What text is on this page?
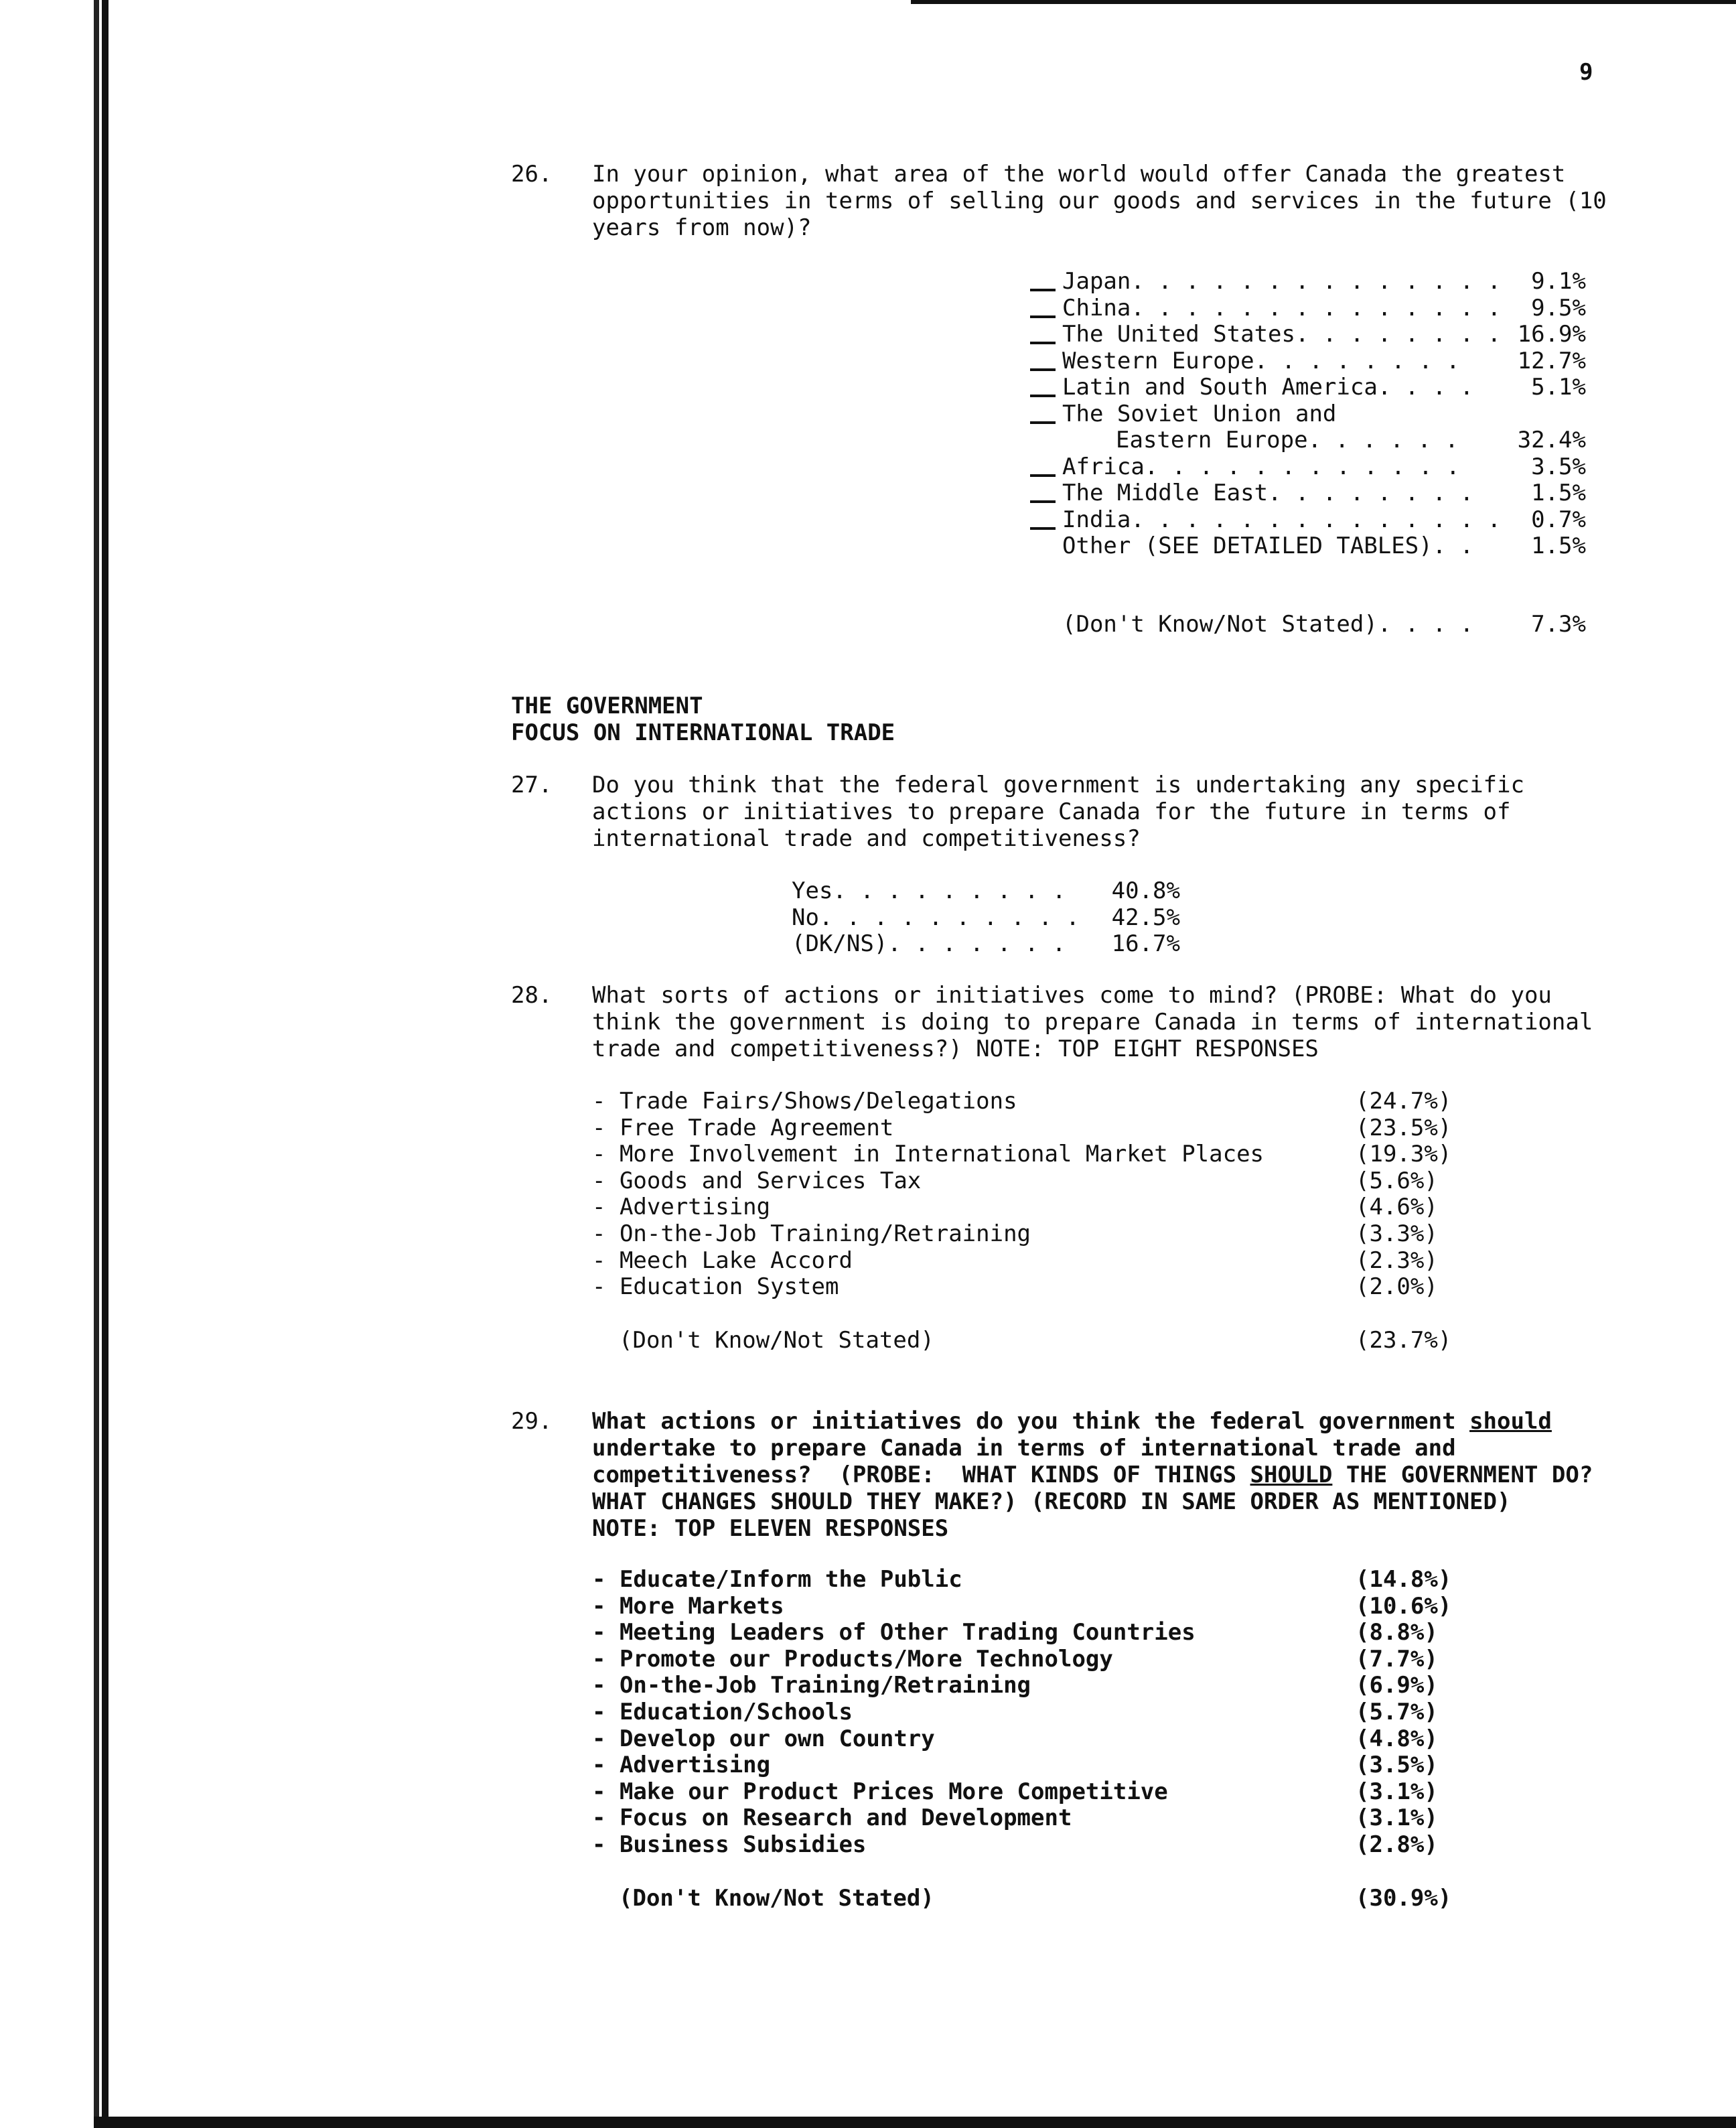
9
26. In your opinion, what area of the world would offer Canada the greatest
opportunities in terms of selling our goods and services in the future (10
years from now)?
Japan . . . . . . . . . . . . . .	9.1%
China . . . . . . . . . . . . . .	9.5%
The United States . . . . . . . . 16.9%
Western Europe . . . . . . . .	12.7%
Latin and South America . . . .	5.1%
The Soviet Union and
Eastern Europe . . . . . .	32.4%
Africa . . . . . . . . . . . .	3.5%
The Middle East . . . . . . . .	1.5%
India . . . . . . . . . . . . . .	0.7%
Other (SEE DETAILED TABLES) . .	1.5%
(Don't Know/Not Stated) . . . .	7.3%
THE GOVERNMENT
FOCUS ON INTERNATIONAL TRADE
27. Do you think that the federal government is undertaking any specific
actions or initiatives to prepare Canada for the future in terms of
international trade and competitiveness?
Yes . . . . . . . . .	40.8%
No . . . . . . . . . .	42.5%
(DK/NS) . . . . . . .	16.7%
28. What sorts of actions or initiatives come to mind? (PROBE: What do you
think the government is doing to prepare Canada in terms of international
trade and competitiveness?) NOTE: TOP EIGHT RESPONSES
- Trade Fairs/Shows/Delegations	(24.7%)
- Free Trade Agreement	(23.5%)
- More Involvement in International Market Places	(19.3%)
- Goods and Services Tax	(5.6%)
- Advertising	(4.6%)
- On-the-Job Training/Retraining	(3.3%)
- Meech Lake Accord	(2.3%)
- Education System	(2.0%)
(Don't Know/Not Stated)	(23.7%)
29. What actions or initiatives do you think the federal government should
undertake to prepare Canada in terms of international trade and
competitiveness?  (PROBE:  WHAT KINDS OF THINGS SHOULD THE GOVERNMENT DO?
WHAT CHANGES SHOULD THEY MAKE?) (RECORD IN SAME ORDER AS MENTIONED)
NOTE: TOP ELEVEN RESPONSES
- Educate/Inform the Public	(14.8%)
- More Markets	(10.6%)
- Meeting Leaders of Other Trading Countries	(8.8%)
- Promote our Products/More Technology	(7.7%)
- On-the-Job Training/Retraining	(6.9%)
- Education/Schools	(5.7%)
- Develop our own Country	(4.8%)
- Advertising	(3.5%)
- Make our Product Prices More Competitive	(3.1%)
- Focus on Research and Development	(3.1%)
- Business Subsidies	(2.8%)
(Don't Know/Not Stated)	(30.9%)
